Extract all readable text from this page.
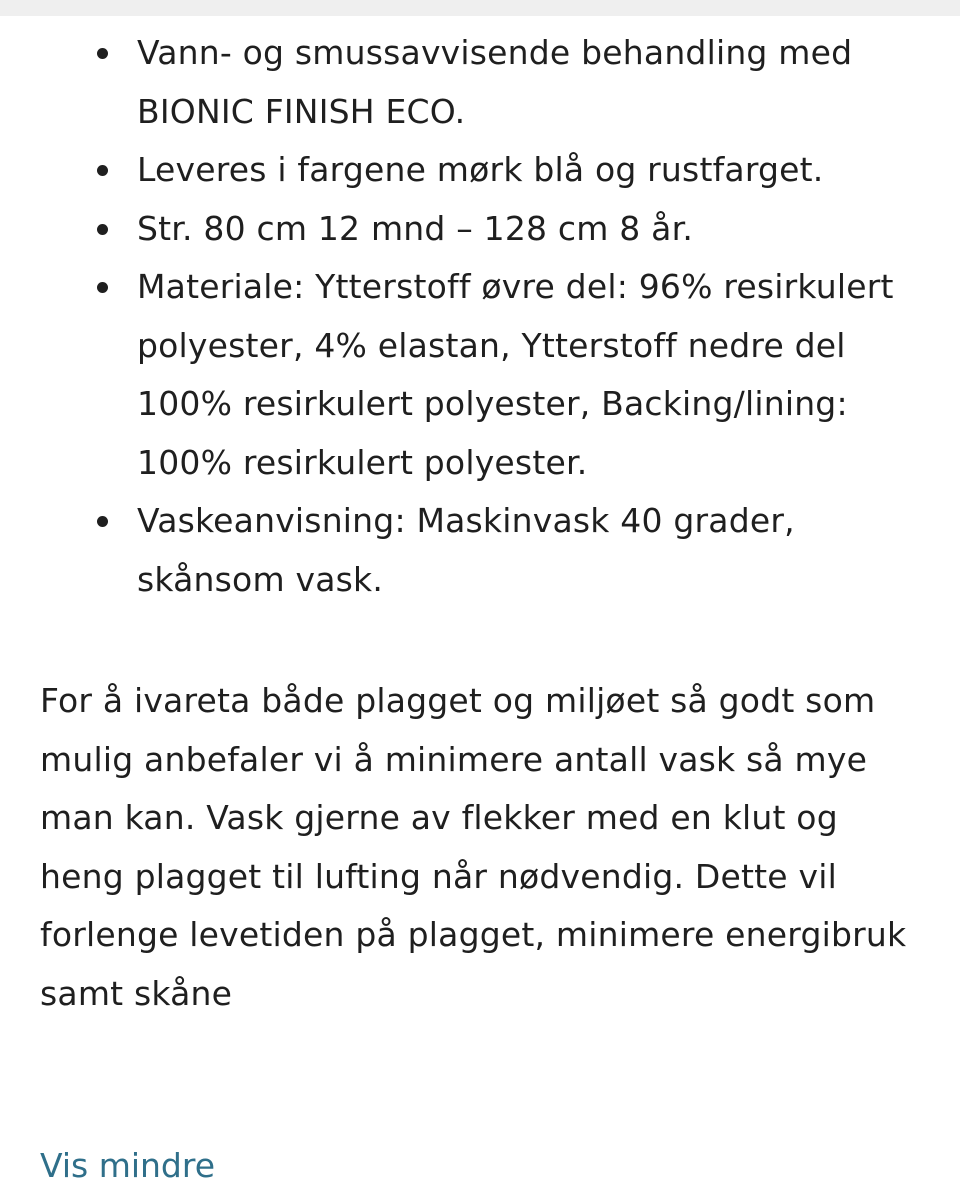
Vann- og smussavvisende behandling med BIONIC FINISH ECO.
Leveres i fargene mørk blå og rustfarget.
Str. 80 cm 12 mnd – 128 cm 8 år.
Materiale: Ytterstoff øvre del: 96% resirkulert polyester, 4% elastan, Ytterstoff nedre del 100% resirkulert polyester, Backing/lining: 100% resirkulert polyester.
Vaskeanvisning: Maskinvask 40 grader, skånsom vask.

For å ivareta både plagget og miljøet så godt som mulig anbefaler vi å minimere antall vask så mye man kan. Vask gjerne av flekker med en klut og heng plagget til lufting når nødvendig. Dette vil forlenge levetiden på plagget, minimere energibruk samt skåne

Vis mindre
